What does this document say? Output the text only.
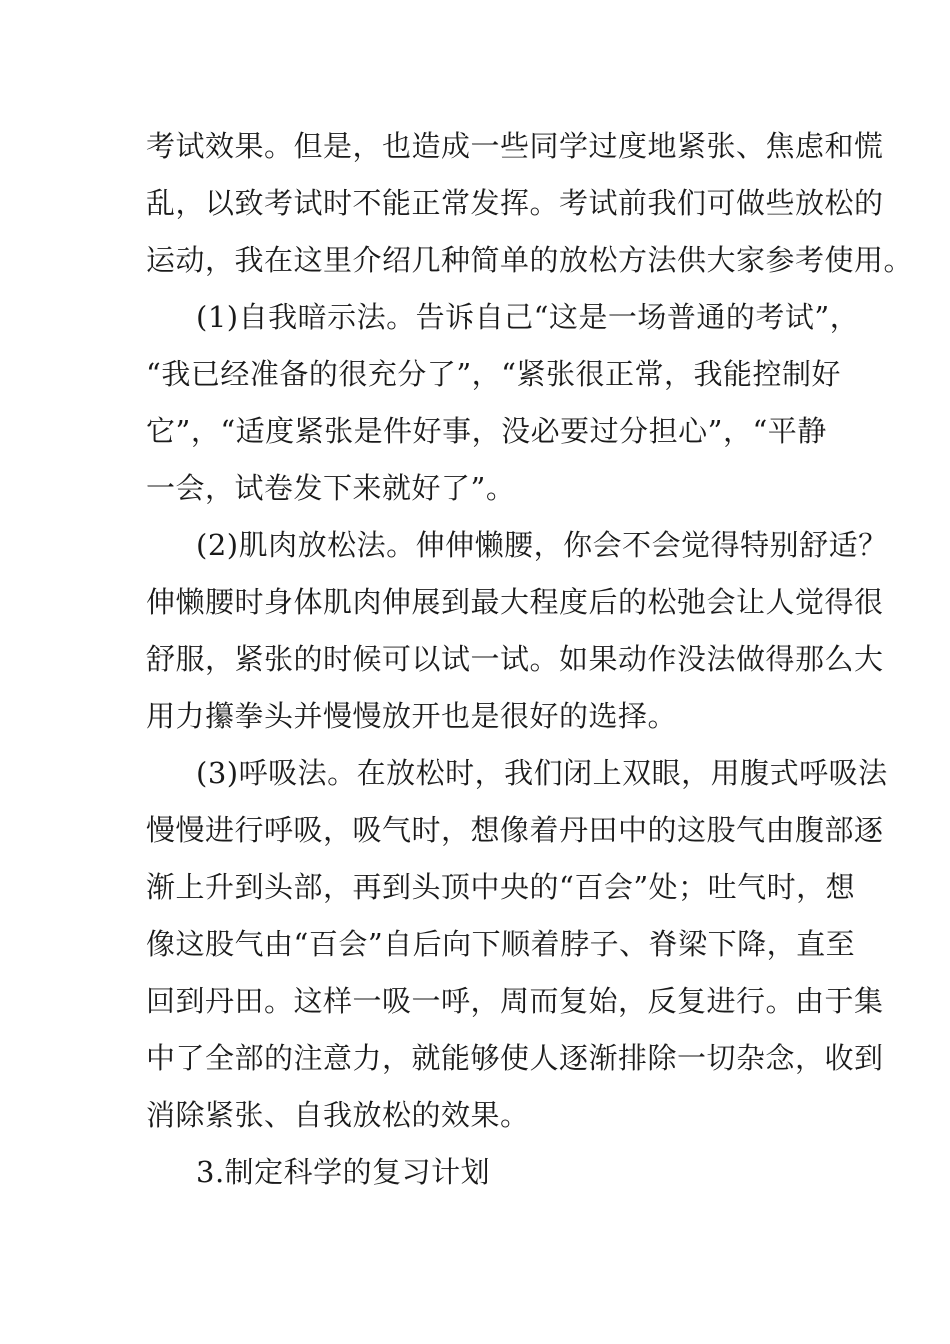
考试效果。但是，也造成一些同学过度地紧张、焦虑和慌
乱，以致考试时不能正常发挥。考试前我们可做些放松的
运动，我在这里介绍几种简单的放松方法供大家参考使用。

(1)自我暗示法。告诉自己“这是一场普通的考试”，
“我已经准备的很充分了”，“紧张很正常，我能控制好
它”，“适度紧张是件好事，没必要过分担心”，“平静
一会，试卷发下来就好了”。

(2)肌肉放松法。伸伸懒腰，你会不会觉得特别舒适？
伸懒腰时身体肌肉伸展到最大程度后的松弛会让人觉得很
舒服，紧张的时候可以试一试。如果动作没法做得那么大
用力攥拳头并慢慢放开也是很好的选择。

(3)呼吸法。在放松时，我们闭上双眼，用腹式呼吸法
慢慢进行呼吸，吸气时，想像着丹田中的这股气由腹部逐
渐上升到头部，再到头顶中央的“百会”处；吐气时，想
像这股气由“百会”自后向下顺着脖子、脊梁下降，直至
回到丹田。这样一吸一呼，周而复始，反复进行。由于集
中了全部的注意力，就能够使人逐渐排除一切杂念，收到
消除紧张、自我放松的效果。

3.制定科学的复习计划
